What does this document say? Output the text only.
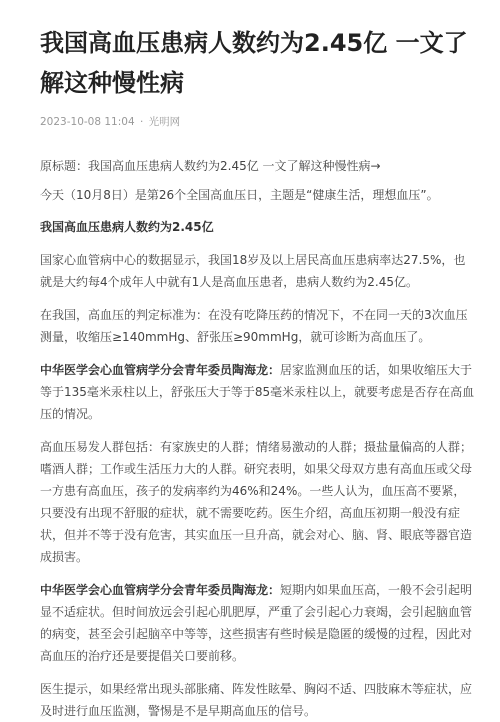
我国高血压患病人数约为2.45亿 一文了解这种慢性病
2023-10-08 11:04 · 光明网

原标题：我国高血压患病人数约为2.45亿 一文了解这种慢性病→

今天（10月8日）是第26个全国高血压日，主题是“健康生活，理想血压”。

我国高血压患病人数约为2.45亿

国家心血管病中心的数据显示，我国18岁及以上居民高血压患病率达27.5%，也就是大约每4个成年人中就有1人是高血压患者，患病人数约为2.45亿。

在我国，高血压的判定标准为：在没有吃降压药的情况下，不在同一天的3次血压测量，收缩压≥140mmHg、舒张压≥90mmHg，就可诊断为高血压了。

中华医学会心血管病学分会青年委员陶海龙：居家监测血压的话，如果收缩压大于等于135毫米汞柱以上，舒张压大于等于85毫米汞柱以上，就要考虑是否存在高血压的情况。

高血压易发人群包括：有家族史的人群；情绪易激动的人群；摄盐量偏高的人群；嗜酒人群；工作或生活压力大的人群。研究表明，如果父母双方患有高血压或父母一方患有高血压，孩子的发病率约为46%和24%。一些人认为，血压高不要紧，只要没有出现不舒服的症状，就不需要吃药。医生介绍，高血压初期一般没有症状，但并不等于没有危害，其实血压一旦升高，就会对心、脑、肾、眼底等器官造成损害。

中华医学会心血管病学分会青年委员陶海龙：短期内如果血压高，一般不会引起明显不适症状。但时间放远会引起心肌肥厚，严重了会引起心力衰竭，会引起脑血管的病变，甚至会引起脑卒中等等，这些损害有些时候是隐匿的缓慢的过程，因此对高血压的治疗还是要提倡关口要前移。

医生提示，如果经常出现头部胀痛、阵发性眩晕、胸闷不适、四肢麻木等症状，应及时进行血压监测，警惕是不是早期高血压的信号。
